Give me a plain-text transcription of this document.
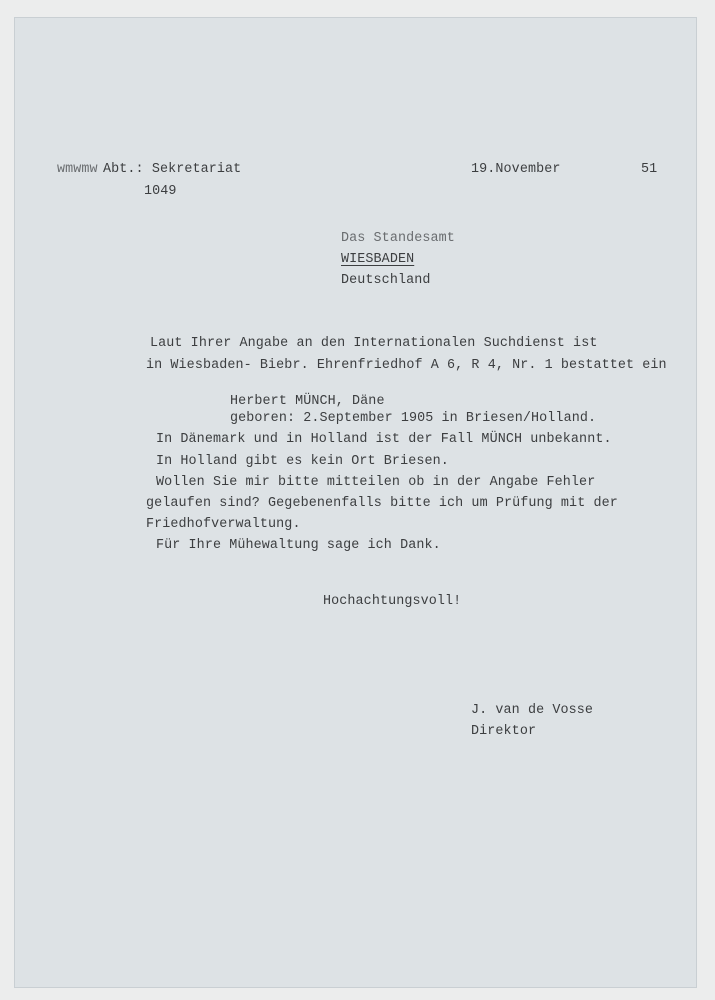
wmwmw Abt.: Sekretariat
1049
19.November	51
Das Standesamt
WIESBADEN
Deutschland
Laut Ihrer Angabe an den Internationalen Suchdienst ist
in Wiesbaden- Biebr. Ehrenfriedhof A 6, R 4, Nr. 1 bestattet ein
Herbert MÜNCH, Däne
geboren: 2.September 1905 in Briesen/Holland.
In Dänemark und in Holland ist der Fall MÜNCH unbekannt.
In Holland gibt es kein Ort Briesen.
Wollen Sie mir bitte mitteilen ob in der Angabe Fehler
gelaufen sind? Gegebenenfalls bitte ich um Prüfung mit der
Friedhofverwaltung.
Für Ihre Mühewaltung sage ich Dank.
Hochachtungsvoll!
J. van de Vosse
Direktor
